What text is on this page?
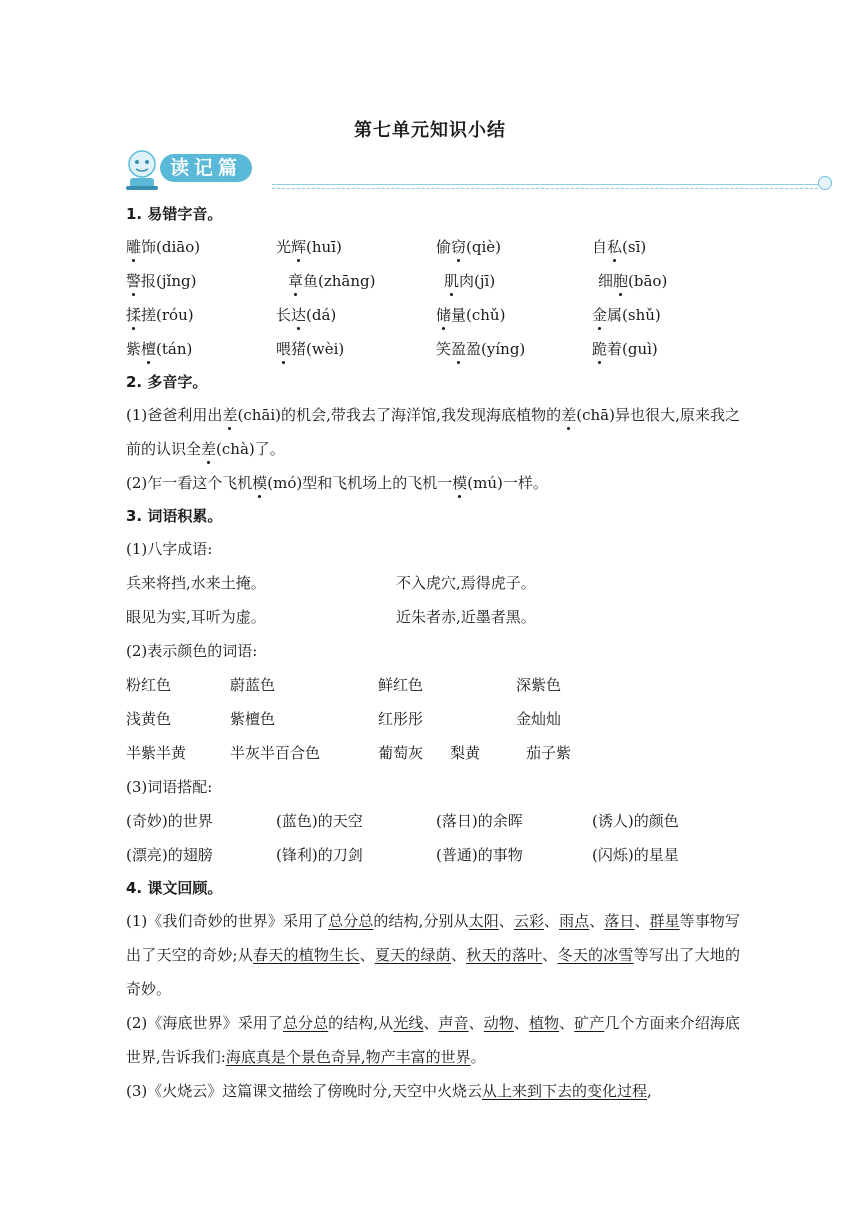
第七单元知识小结
读记篇
1. 易错字音。
雕饰(diāo)	光辉(huī)	偷窃(qiè)	自私(sī)
警报(jǐng)	章鱼(zhāng)	肌肉(jī)	细胞(bāo)
揉搓(róu)	长达(dá)	储量(chǔ)	金属(shǔ)
紫檀(tán)	喂猪(wèi)	笑盈盈(yíng)	跪着(guì)
2. 多音字。
(1)爸爸利用出差(chāi)的机会,带我去了海洋馆,我发现海底植物的差(chā)异也很大,原来我之前的认识全差(chà)了。
(2)乍一看这个飞机模(mó)型和飞机场上的飞机一模(mú)一样。
3. 词语积累。
(1)八字成语:
兵来将挡,水来土掩。	不入虎穴,焉得虎子。
眼见为实,耳听为虚。	近朱者赤,近墨者黑。
(2)表示颜色的词语:
粉红色	蔚蓝色	鲜红色	深紫色
浅黄色	紫檀色	红彤彤	金灿灿
半紫半黄	半灰半百合色	葡萄灰	梨黄	茄子紫
(3)词语搭配:
(奇妙)的世界	(蓝色)的天空	(落日)的余晖	(诱人)的颜色
(漂亮)的翅膀	(锋利)的刀剑	(普通)的事物	(闪烁)的星星
4. 课文回顾。
(1)《我们奇妙的世界》采用了总分总的结构,分别从太阳、云彩、雨点、落日、群星等事物写出了天空的奇妙;从春天的植物生长、夏天的绿荫、秋天的落叶、冬天的冰雪等写出了大地的奇妙。
(2)《海底世界》采用了总分总的结构,从光线、声音、动物、植物、矿产几个方面来介绍海底世界,告诉我们:海底真是个景色奇异,物产丰富的世界。
(3)《火烧云》这篇课文描绘了傍晚时分,天空中火烧云从上来到下去的变化过程,
